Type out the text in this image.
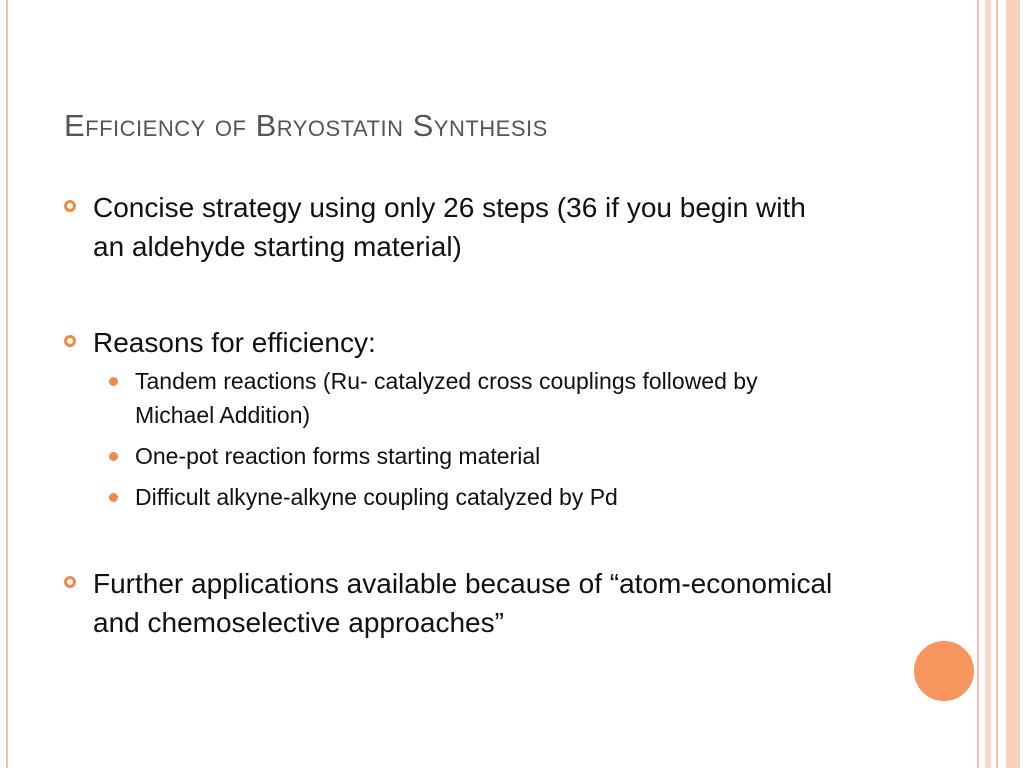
Efficiency of Bryostatin Synthesis
Concise strategy using only 26 steps (36 if you begin with an aldehyde starting material)
Reasons for efficiency:
Tandem reactions (Ru- catalyzed cross couplings followed by Michael Addition)
One-pot reaction forms starting material
Difficult alkyne-alkyne coupling catalyzed by Pd
Further applications available because of “atom-economical and chemoselective approaches”
